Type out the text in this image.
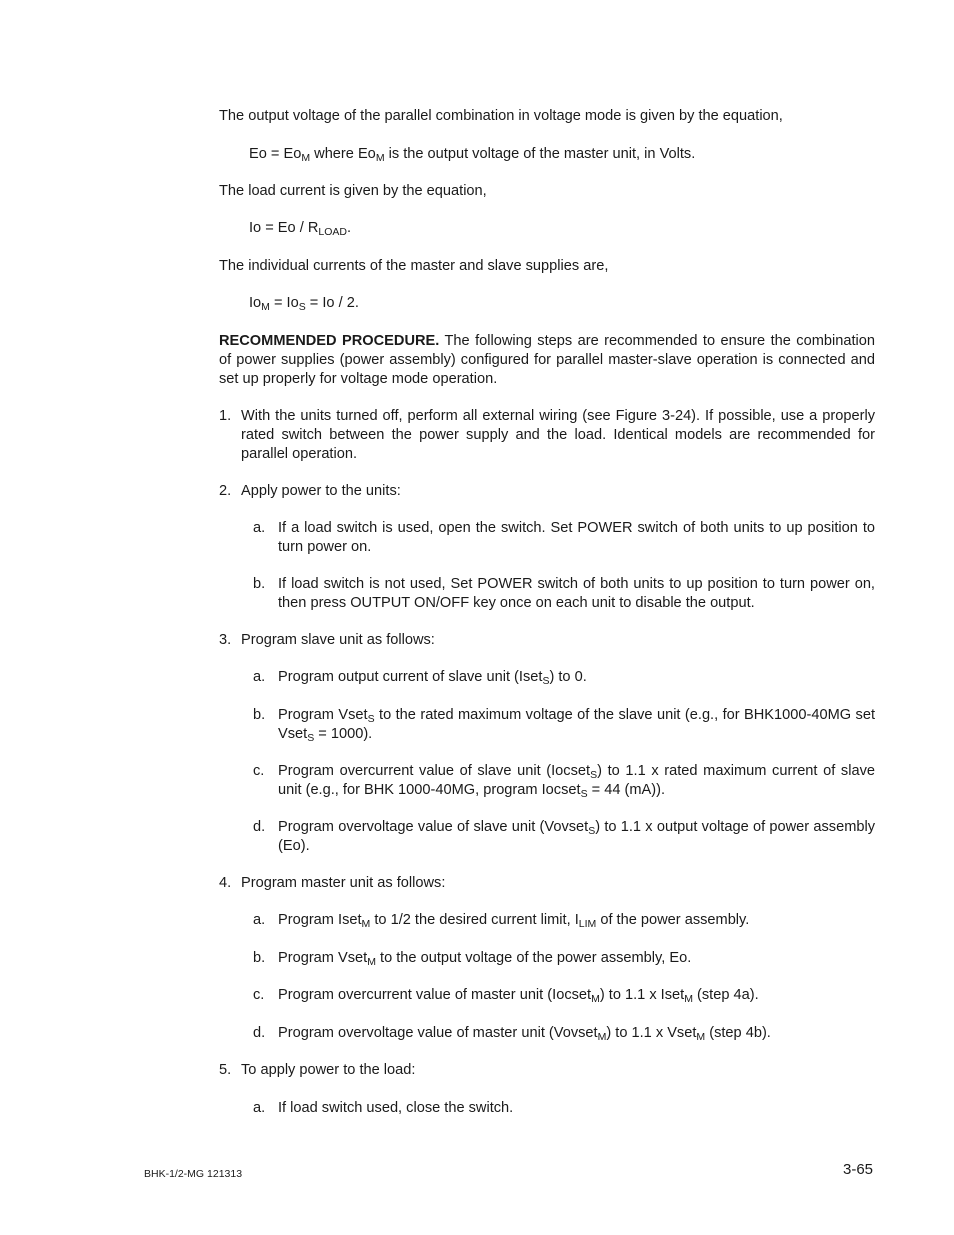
The output voltage of the parallel combination in voltage mode is given by the equation,
$Eo = Eo_M$ where $Eo_M$ is the output voltage of the master unit, in Volts.
The load current is given by the equation,
$Io = Eo / R_{LOAD}$.
The individual currents of the master and slave supplies are,
$Io_M = Io_S = Io / 2$.
RECOMMENDED PROCEDURE. The following steps are recommended to ensure the combination of power supplies (power assembly) configured for parallel master-slave operation is connected and set up properly for voltage mode operation.
1. With the units turned off, perform all external wiring (see Figure 3-24). If possible, use a properly rated switch between the power supply and the load. Identical models are recommended for parallel operation.
2. Apply power to the units:
a. If a load switch is used, open the switch. Set POWER switch of both units to up position to turn power on.
b. If load switch is not used, Set POWER switch of both units to up position to turn power on, then press OUTPUT ON/OFF key once on each unit to disable the output.
3. Program slave unit as follows:
a. Program output current of slave unit (Iset$_S$) to 0.
b. Program Vset$_S$ to the rated maximum voltage of the slave unit (e.g., for BHK1000-40MG set Vset$_S$ = 1000).
c. Program overcurrent value of slave unit (Iocset$_S$) to 1.1 x rated maximum current of slave unit (e.g., for BHK 1000-40MG, program Iocset$_S$ = 44 (mA)).
d. Program overvoltage value of slave unit (Vovset$_S$) to 1.1 x output voltage of power assembly (Eo).
4. Program master unit as follows:
a. Program Iset$_M$ to 1/2 the desired current limit, $I_{LIM}$ of the power assembly.
b. Program Vset$_M$ to the output voltage of the power assembly, Eo.
c. Program overcurrent value of master unit (Iocset$_M$) to 1.1 x Iset$_M$ (step 4a).
d. Program overvoltage value of master unit (Vovset$_M$) to 1.1 x Vset$_M$ (step 4b).
5. To apply power to the load:
a. If load switch used, close the switch.
BHK-1/2-MG 121313	3-65
